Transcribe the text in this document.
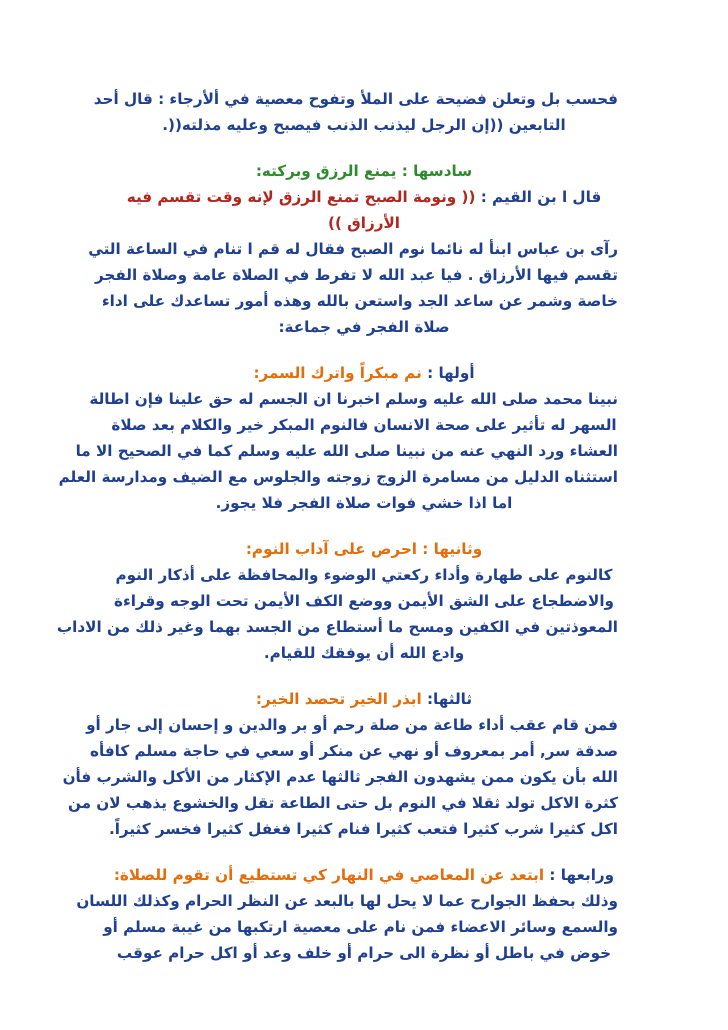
فحسب بل وتعلن فضيحة على الملأ وتفوح معصية في ألأرجاء : قال أحد
التابعين ((إن الرجل ليذنب الذنب فيصبح وعليه مذلته((.
سادسها : يمنع الرزق وبركته:
قال ا بن القيم : (( ونومة الصبح تمنع الرزق لإنه وقت تقسم فيه
الأرزاق ))
رآى بن عباس ابنأ له نائما نوم الصبح فقال له قم ا تنام في الساعة التي
تقسم فيها الأرزاق . فيا عبد الله لا تفرط في الصلاة عامة وصلاة الفجر
خاصة وشمر عن ساعد الجد واستعن بالله وهذه أمور تساعدك على اداء
صلاة الفجر في جماعة:
أولها : نم مبكراً واترك السمر:
نبينا محمد صلى الله عليه وسلم اخبرنا ان الجسم له حق علينا فإن اطالة
السهر له تأثير على صحة الانسان فالنوم المبكر خير والكلام بعد صلاة
العشاء ورد النهي عنه من نبينا صلى الله عليه وسلم كما في الصحيح الا ما
استثناه الدليل من مسامرة الزوج زوجته والجلوس مع الضيف ومدارسة العلم
اما اذا خشي فوات صلاة الفجر فلا يجوز.
وثانيها : احرص على آداب النوم:
كالنوم على طهارة وأداء ركعتي الوضوء والمحافظة على أذكار النوم
والاضطجاع على الشق الأيمن ووضع الكف الأيمن تحت الوجه وقراءة
المعوذتين في الكفين ومسح ما أستطاع من الجسد بهما وغير ذلك من الاداب
وادع الله أن يوفقك للقيام.
ثالثها: ابذر الخير تحصد الخير:
فمن قام عقب أداء طاعة من صلة رحم أو بر والدين و إحسان إلى جار أو
صدقة سر, أمر بمعروف أو نهي عن منكر أو سعي في حاجة مسلم كافأه
الله بأن يكون ممن يشهدون الفجر ثالثها عدم الإكثار من الأكل والشرب فأن
كثرة الاكل تولد ثقلا في النوم بل حتى الطاعة تقل والخشوع يذهب لان من
اكل كثيرا شرب كثيرا فتعب كثيرا فنام كثيرا فغفل كثيرا فخسر كثيراً.
ورابعها : ابتعد عن المعاصي في النهار كي تستطيع أن تقوم للصلاة:
وذلك بحفظ الجوارح عما لا يحل لها بالبعد عن النظر الحرام وكذلك اللسان
والسمع وسائر الاعضاء فمن نام على معصية ارتكبها من غيبة مسلم أو
خوض في باطل أو نظرة الى حرام أو خلف وعد أو اكل حرام عوقب
